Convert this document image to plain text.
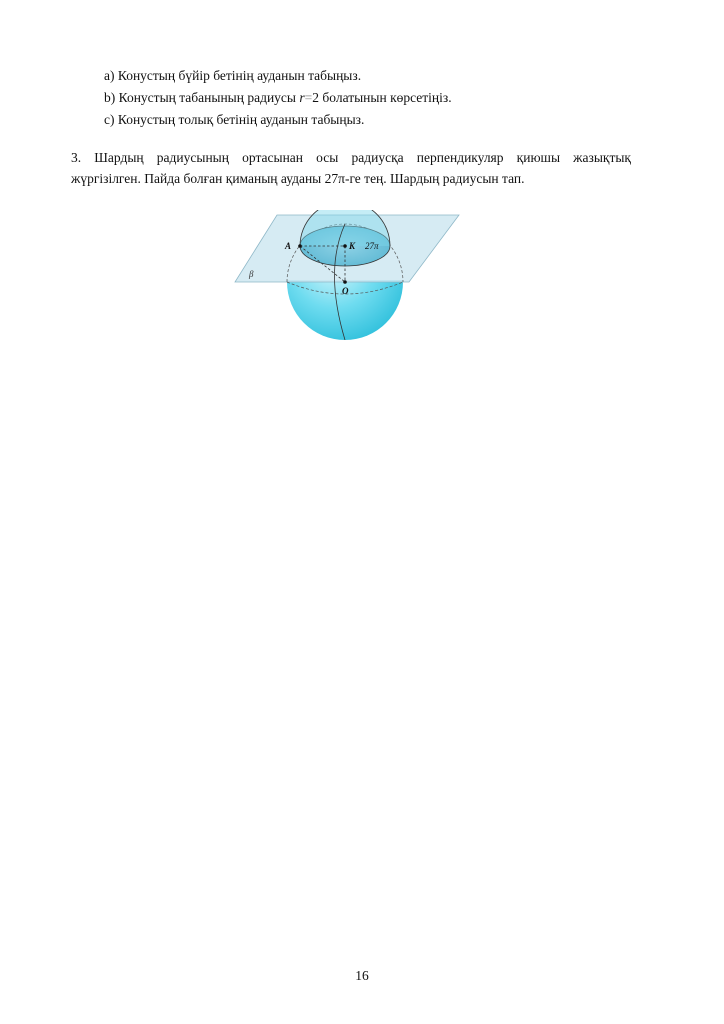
а) Конустың бүйір бетінің ауданын табыңыз.
b) Конустың табанының радиусы r=2 болатынын көрсетіңіз.
с) Конустың толық бетінің ауданын табыңыз.
3. Шардың радиусының ортасынан осы радиусқа перпендикуляр қиюшы жазықтық
жүргізілген. Пайда болған қиманың ауданы 27π-ге тең. Шардың радиусын тап.
A	K 27π
O
β
16
